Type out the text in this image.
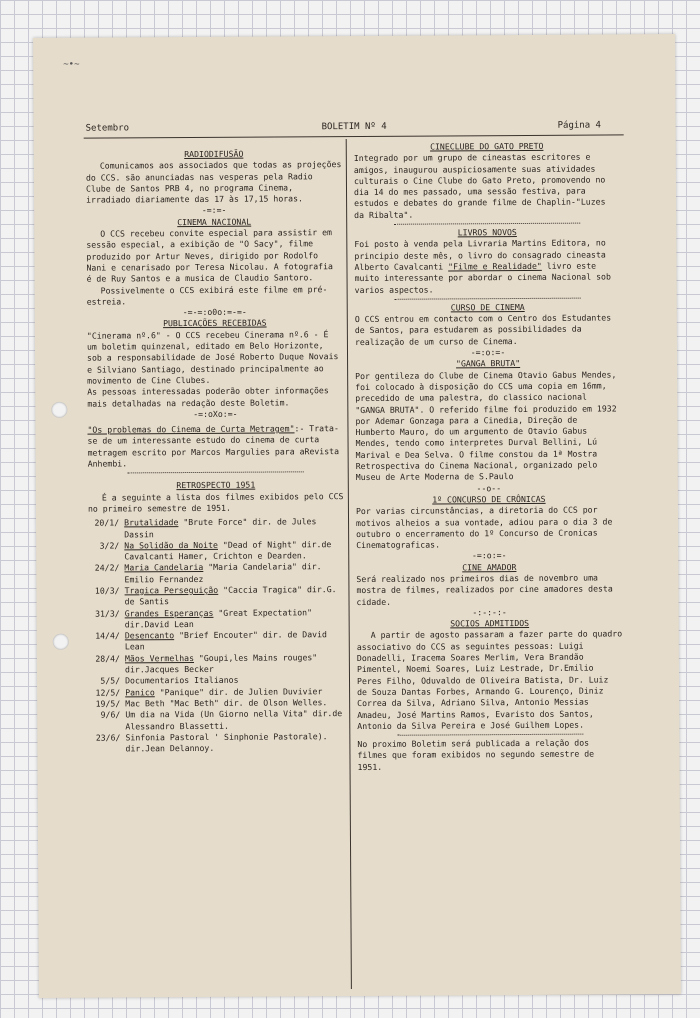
~•~
Setembro	BOLETIM Nº 4	Página 4

RADIODIFUSÃO

Comunicamos aos associados que todas as projeções do CCS. são anunciadas nas vesperas pela Radio Clube de Santos PRB 4, no programa Cinema, irradiado diariamente das 17 às 17,15 horas.

-=:=-

CINEMA NACIONAL

O CCS recebeu convite especial para assistir em sessão especial, a exibição de "O Sacy", filme produzido por Artur Neves, dirigido por Rodolfo Nani e cenarisado por Teresa Nicolau. A fotografia é de Ruy Santos e a musica de Claudio Santoro.

Possivelmente o CCS exibirá este filme em pré-estreia.

-=-=:o0o:=-=-

PUBLICAÇÕES RECEBIDAS

"Cinerama nº.6" - O CCS recebeu Cinerama nº.6 - É um boletim quinzenal, editado em Belo Horizonte, sob a responsabilidade de José Roberto Duque Novais e Silviano Santiago, destinado principalmente ao movimento de Cine Clubes.

As pessoas interessadas poderão obter informações mais detalhadas na redação deste Boletim.

-=:oXo:=-

"Os problemas do Cinema de Curta Metragem":- Trata-se de um interessante estudo do cinema de curta metragem escrito por Marcos Margulies para aRevista Anhembi.

RETROSPECTO 1951

É a seguinte a lista dos filmes exibidos pelo CCS no primeiro semestre de 1951.

20/1/	Brutalidade "Brute Force" dir. de Jules Dassin
3/2/	Na Solidão da Noite "Dead of Night" dir.de Cavalcanti Hamer, Crichton e Dearden.
24/2/	Maria Candelaria "Maria Candelaria" dir. Emilio Fernandez
10/3/	Tragica Perseguição "Caccia Tragica" dir.G. de Santis
31/3/	Grandes Esperanças "Great Expectation" dir.David Lean
14/4/	Desencanto "Brief Encouter" dir. de David Lean
28/4/	Mãos Vermelhas "Goupi,les Mains rouges" dir.Jacques Becker
5/5/	Documentarios Italianos
12/5/	Panico "Panique" dir. de Julien Duvivier
19/5/	Mac Beth "Mac Beth" dir. de Olson Welles.
9/6/	Um dia na Vida (Un Giorno nella Vita" dir.de Alessandro Blassetti.
23/6/	Sinfonia Pastoral ' Sinphonie Pastorale). dir.Jean Delannoy.

CINECLUBE DO GATO PRETO

Integrado por um grupo de cineastas escritores e amigos, inaugurou auspiciosamente suas atividades culturais o Cine Clube do Gato Preto, promovendo no dia 14 do mes passado, uma sessão festiva, para estudos e debates do grande filme de Chaplin-"Luzes da Ribalta".

LIVROS NOVOS

Foi posto à venda pela Livraria Martins Editora, no principio deste mês, o livro do consagrado cineasta Alberto Cavalcanti "Filme e Realidade" livro este muito interessante por abordar o cinema Nacional sob varios aspectos.

CURSO DE CINEMA

O CCS entrou em contacto com o Centro dos Estudantes de Santos, para estudarem as possibilidades da realização de um curso de Cinema.

-=:o:=-

"GANGA BRUTA"

Por gentileza do Clube de Cinema Otavio Gabus Mendes, foi colocado à disposição do CCS uma copia em 16mm, precedido de uma palestra, do classico nacional "GANGA BRUTA". O referido filme foi produzido em 1932 por Ademar Gonzaga para a Cinedia, Direção de Humberto Mauro, do um argumento de Otavio Gabus Mendes, tendo como interpretes Durval Bellini, Lú Marival e Dea Selva. O filme constou da 1ª Mostra Retrospectiva do Cinema Nacional, organizado pelo Museu de Arte Moderna de S.Paulo

--o--

1º CONCURSO DE CRÔNICAS

Por varias circunstâncias, a diretoria do CCS por motivos alheios a sua vontade, adiou para o dia 3 de outubro o encerramento do 1º Concurso de Cronicas Cinematograficas.

-=:o:=-

CINE AMADOR

Será realizado nos primeiros dias de novembro uma mostra de filmes, realizados por cine amadores desta cidade.

-:-:-:-

SOCIOS ADMITIDOS

A partir de agosto passaram a fazer parte do quadro associativo do CCS as seguintes pessoas: Luigi Donadelli, Iracema Soares Merlim, Vera Brandão Pimentel, Noemi Soares, Luiz Lestrade, Dr.Emilio Peres Filho, Oduvaldo de Oliveira Batista, Dr. Luiz de Souza Dantas Forbes, Armando G. Lourenço, Diniz Correa da Silva, Adriano Silva, Antonio Messias Amadeu, José Martins Ramos, Evaristo dos Santos, Antonio da Silva Pereira e José Guilhem Lopes.

No proximo Boletim será publicada a relação dos filmes que foram exibidos no segundo semestre de 1951.
